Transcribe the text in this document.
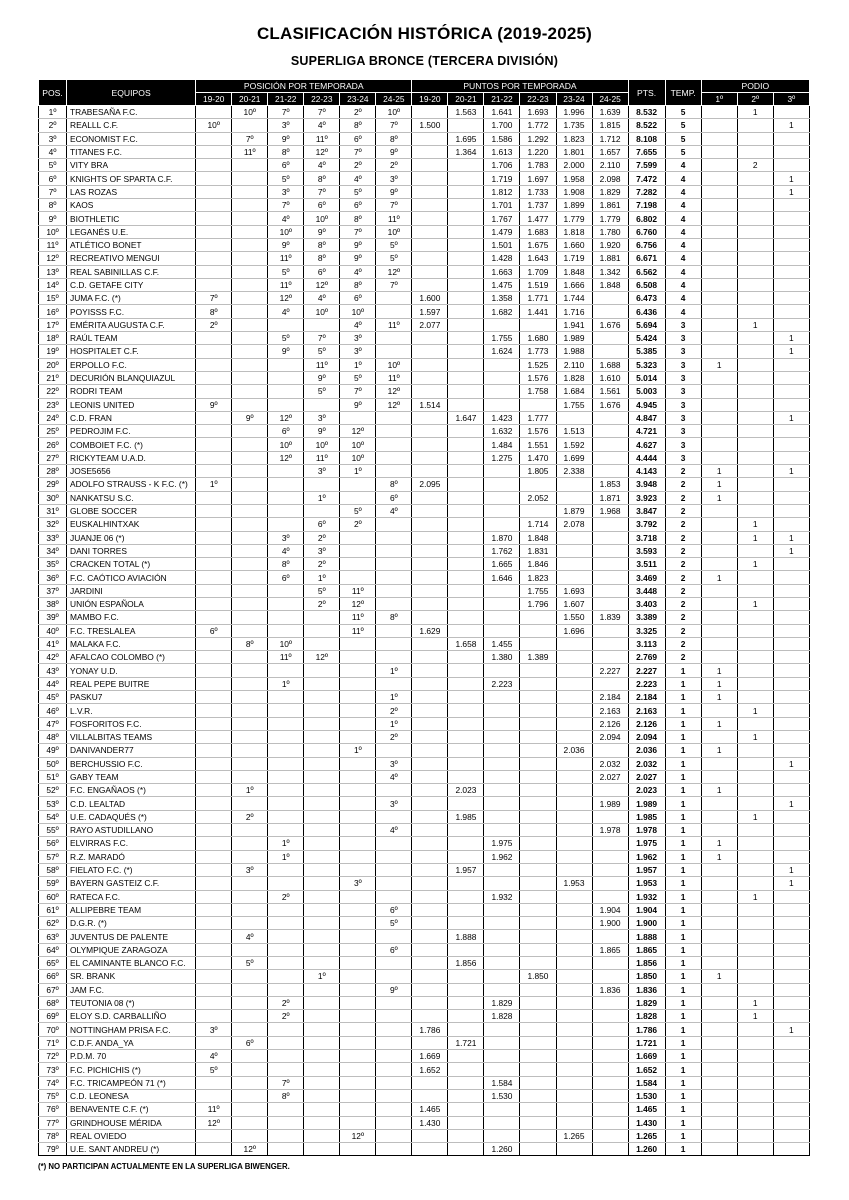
CLASIFICACIÓN HISTÓRICA (2019-2025)
SUPERLIGA BRONCE (TERCERA DIVISIÓN)
POS.	EQUIPOS	POSICIÓN POR TEMPORADA						PUNTOS POR TEMPORADA						PTS.	TEMP.	PODIO		
		19-20	20-21	21-22	22-23	23-24	24-25	19-20	20-21	21-22	22-23	23-24	24-25			1º	2º	3º
1º	TRABESAÑA F.C.		10º	7º	7º	2º	10º		1.563	1.641	1.693	1.996	1.639	8.532	5		1	
2º	REALLL C.F.	10º		3º	4º	8º	7º	1.500		1.700	1.772	1.735	1.815	8.522	5			1
3º	ECONOMIST F.C.		7º	9º	11º	6º	8º		1.695	1.586	1.292	1.823	1.712	8.108	5			
4º	TITANES F.C.		11º	8º	12º	7º	9º		1.364	1.613	1.220	1.801	1.657	7.655	5			
5º	VITY BRA			6º	4º	2º	2º			1.706	1.783	2.000	2.110	7.599	4		2	
6º	KNIGHTS OF SPARTA C.F.			5º	8º	4º	3º			1.719	1.697	1.958	2.098	7.472	4			1
7º	LAS ROZAS			3º	7º	5º	9º			1.812	1.733	1.908	1.829	7.282	4			1
8º	KAOS			7º	6º	6º	7º			1.701	1.737	1.899	1.861	7.198	4			
9º	BIOTHLETIC			4º	10º	8º	11º			1.767	1.477	1.779	1.779	6.802	4			
10º	LEGANÉS U.E.			10º	9º	7º	10º			1.479	1.683	1.818	1.780	6.760	4			
11º	ATLÉTICO BONET			9º	8º	9º	5º			1.501	1.675	1.660	1.920	6.756	4			
12º	RECREATIVO MENGUI			11º	8º	9º	5º			1.428	1.643	1.719	1.881	6.671	4			
13º	REAL SABINILLAS C.F.			5º	6º	4º	12º			1.663	1.709	1.848	1.342	6.562	4			
14º	C.D. GETAFE CITY			11º	12º	8º	7º			1.475	1.519	1.666	1.848	6.508	4			
15º	JUMA F.C. (*)	7º		12º	4º	6º		1.600		1.358	1.771	1.744		6.473	4			
16º	POYISSS F.C.	8º		4º	10º	10º		1.597		1.682	1.441	1.716		6.436	4			
17º	EMÉRITA AUGUSTA C.F.	2º				4º	11º	2.077				1.941	1.676	5.694	3		1	
18º	RAÚL TEAM			5º	7º	3º				1.755	1.680	1.989		5.424	3			1
19º	HOSPITALET C.F.			9º	5º	3º				1.624	1.773	1.988		5.385	3			1
20º	ERPOLLO F.C.				11º	1º	10º				1.525	2.110	1.688	5.323	3	1		
21º	DECURIÓN BLANQUIAZUL				9º	5º	11º				1.576	1.828	1.610	5.014	3			
22º	RODRI TEAM				5º	7º	12º				1.758	1.684	1.561	5.003	3			
23º	LEONIS UNITED	9º				9º	12º	1.514				1.755	1.676	4.945	3			
24º	C.D. FRAN		9º	12º	3º				1.647	1.423	1.777			4.847	3			1
25º	PEDROJIM F.C.			6º	9º	12º				1.632	1.576	1.513		4.721	3			
26º	COMBOIET F.C. (*)			10º	10º	10º				1.484	1.551	1.592		4.627	3			
27º	RICKYTEAM U.A.D.			12º	11º	10º				1.275	1.470	1.699		4.444	3			
28º	JOSE5656				3º	1º					1.805	2.338		4.143	2	1		1
29º	ADOLFO STRAUSS - K F.C. (*)	1º					8º	2.095					1.853	3.948	2	1		
30º	NANKATSU S.C.				1º		6º				2.052		1.871	3.923	2	1		
31º	GLOBE SOCCER					5º	4º					1.879	1.968	3.847	2			
32º	EUSKALHINTXAK				6º	2º					1.714	2.078		3.792	2		1	
33º	JUANJE 06 (*)			3º	2º					1.870	1.848			3.718	2		1	1
34º	DANI TORRES			4º	3º					1.762	1.831			3.593	2			1
35º	CRACKEN TOTAL (*)			8º	2º					1.665	1.846			3.511	2		1	
36º	F.C. CAÓTICO AVIACIÓN			6º	1º					1.646	1.823			3.469	2	1		
37º	JARDINI				5º	11º					1.755	1.693		3.448	2			
38º	UNIÓN ESPAÑOLA				2º	12º					1.796	1.607		3.403	2		1	
39º	MAMBO F.C.					11º	8º					1.550	1.839	3.389	2			
40º	F.C. TRESLALEA	6º				11º		1.629				1.696		3.325	2			
41º	MALAKA F.C.		8º	10º					1.658	1.455				3.113	2			
42º	AFALCAO COLOMBO (*)			11º	12º					1.380	1.389			2.769	2			
43º	YONAY U.D.						1º						2.227	2.227	1	1		
44º	REAL PEPE BUITRE			1º						2.223				2.223	1	1		
45º	PASKU7						1º						2.184	2.184	1	1		
46º	L.V.R.						2º						2.163	2.163	1		1	
47º	FOSFORITOS F.C.						1º						2.126	2.126	1	1		
48º	VILLALBITAS TEAMS						2º						2.094	2.094	1		1	
49º	DANIVANDER77					1º						2.036		2.036	1	1		
50º	BERCHUSSIO F.C.						3º						2.032	2.032	1			1
51º	GABY TEAM						4º						2.027	2.027	1			
52º	F.C. ENGAÑAOS (*)		1º						2.023					2.023	1	1		
53º	C.D. LEALTAD						3º						1.989	1.989	1			1
54º	U.E. CADAQUÉS (*)		2º						1.985					1.985	1		1	
55º	RAYO ASTUDILLANO						4º						1.978	1.978	1			
56º	ELVIRRAS F.C.			1º						1.975				1.975	1	1		
57º	R.Z. MARADÓ			1º						1.962				1.962	1	1		
58º	FIELATO F.C. (*)		3º						1.957					1.957	1			1
59º	BAYERN GASTEIZ C.F.					3º						1.953		1.953	1			1
60º	RATECA F.C.			2º						1.932				1.932	1		1	
61º	ALLIPEBRE TEAM						6º						1.904	1.904	1			
62º	D.G.R. (*)						5º						1.900	1.900	1			
63º	JUVENTUS DE PALENTE		4º						1.888					1.888	1			
64º	OLYMPIQUE ZARAGOZA						6º						1.865	1.865	1			
65º	EL CAMINANTE BLANCO F.C.		5º						1.856					1.856	1			
66º	SR. BRANK				1º						1.850			1.850	1	1		
67º	JAM F.C.						9º						1.836	1.836	1			
68º	TEUTONIA 08 (*)			2º						1.829				1.829	1		1	
69º	ELOY S.D. CARBALLIÑO			2º						1.828				1.828	1		1	
70º	NOTTINGHAM PRISA F.C.	3º						1.786						1.786	1			1
71º	C.D.F. ANDA_YA		6º						1.721					1.721	1			
72º	P.D.M. 70	4º						1.669						1.669	1			
73º	F.C. PICHICHIS (*)	5º						1.652						1.652	1			
74º	F.C. TRICAMPEÓN 71 (*)			7º						1.584				1.584	1			
75º	C.D. LEONESA			8º						1.530				1.530	1			
76º	BENAVENTE C.F. (*)	11º						1.465						1.465	1			
77º	GRINDHOUSE MÉRIDA	12º						1.430						1.430	1			
78º	REAL OVIEDO					12º						1.265		1.265	1			
79º	U.E. SANT ANDREU (*)		12º							1.260				1.260	1			
(*) NO PARTICIPAN ACTUALMENTE EN LA SUPERLIGA BIWENGER.
